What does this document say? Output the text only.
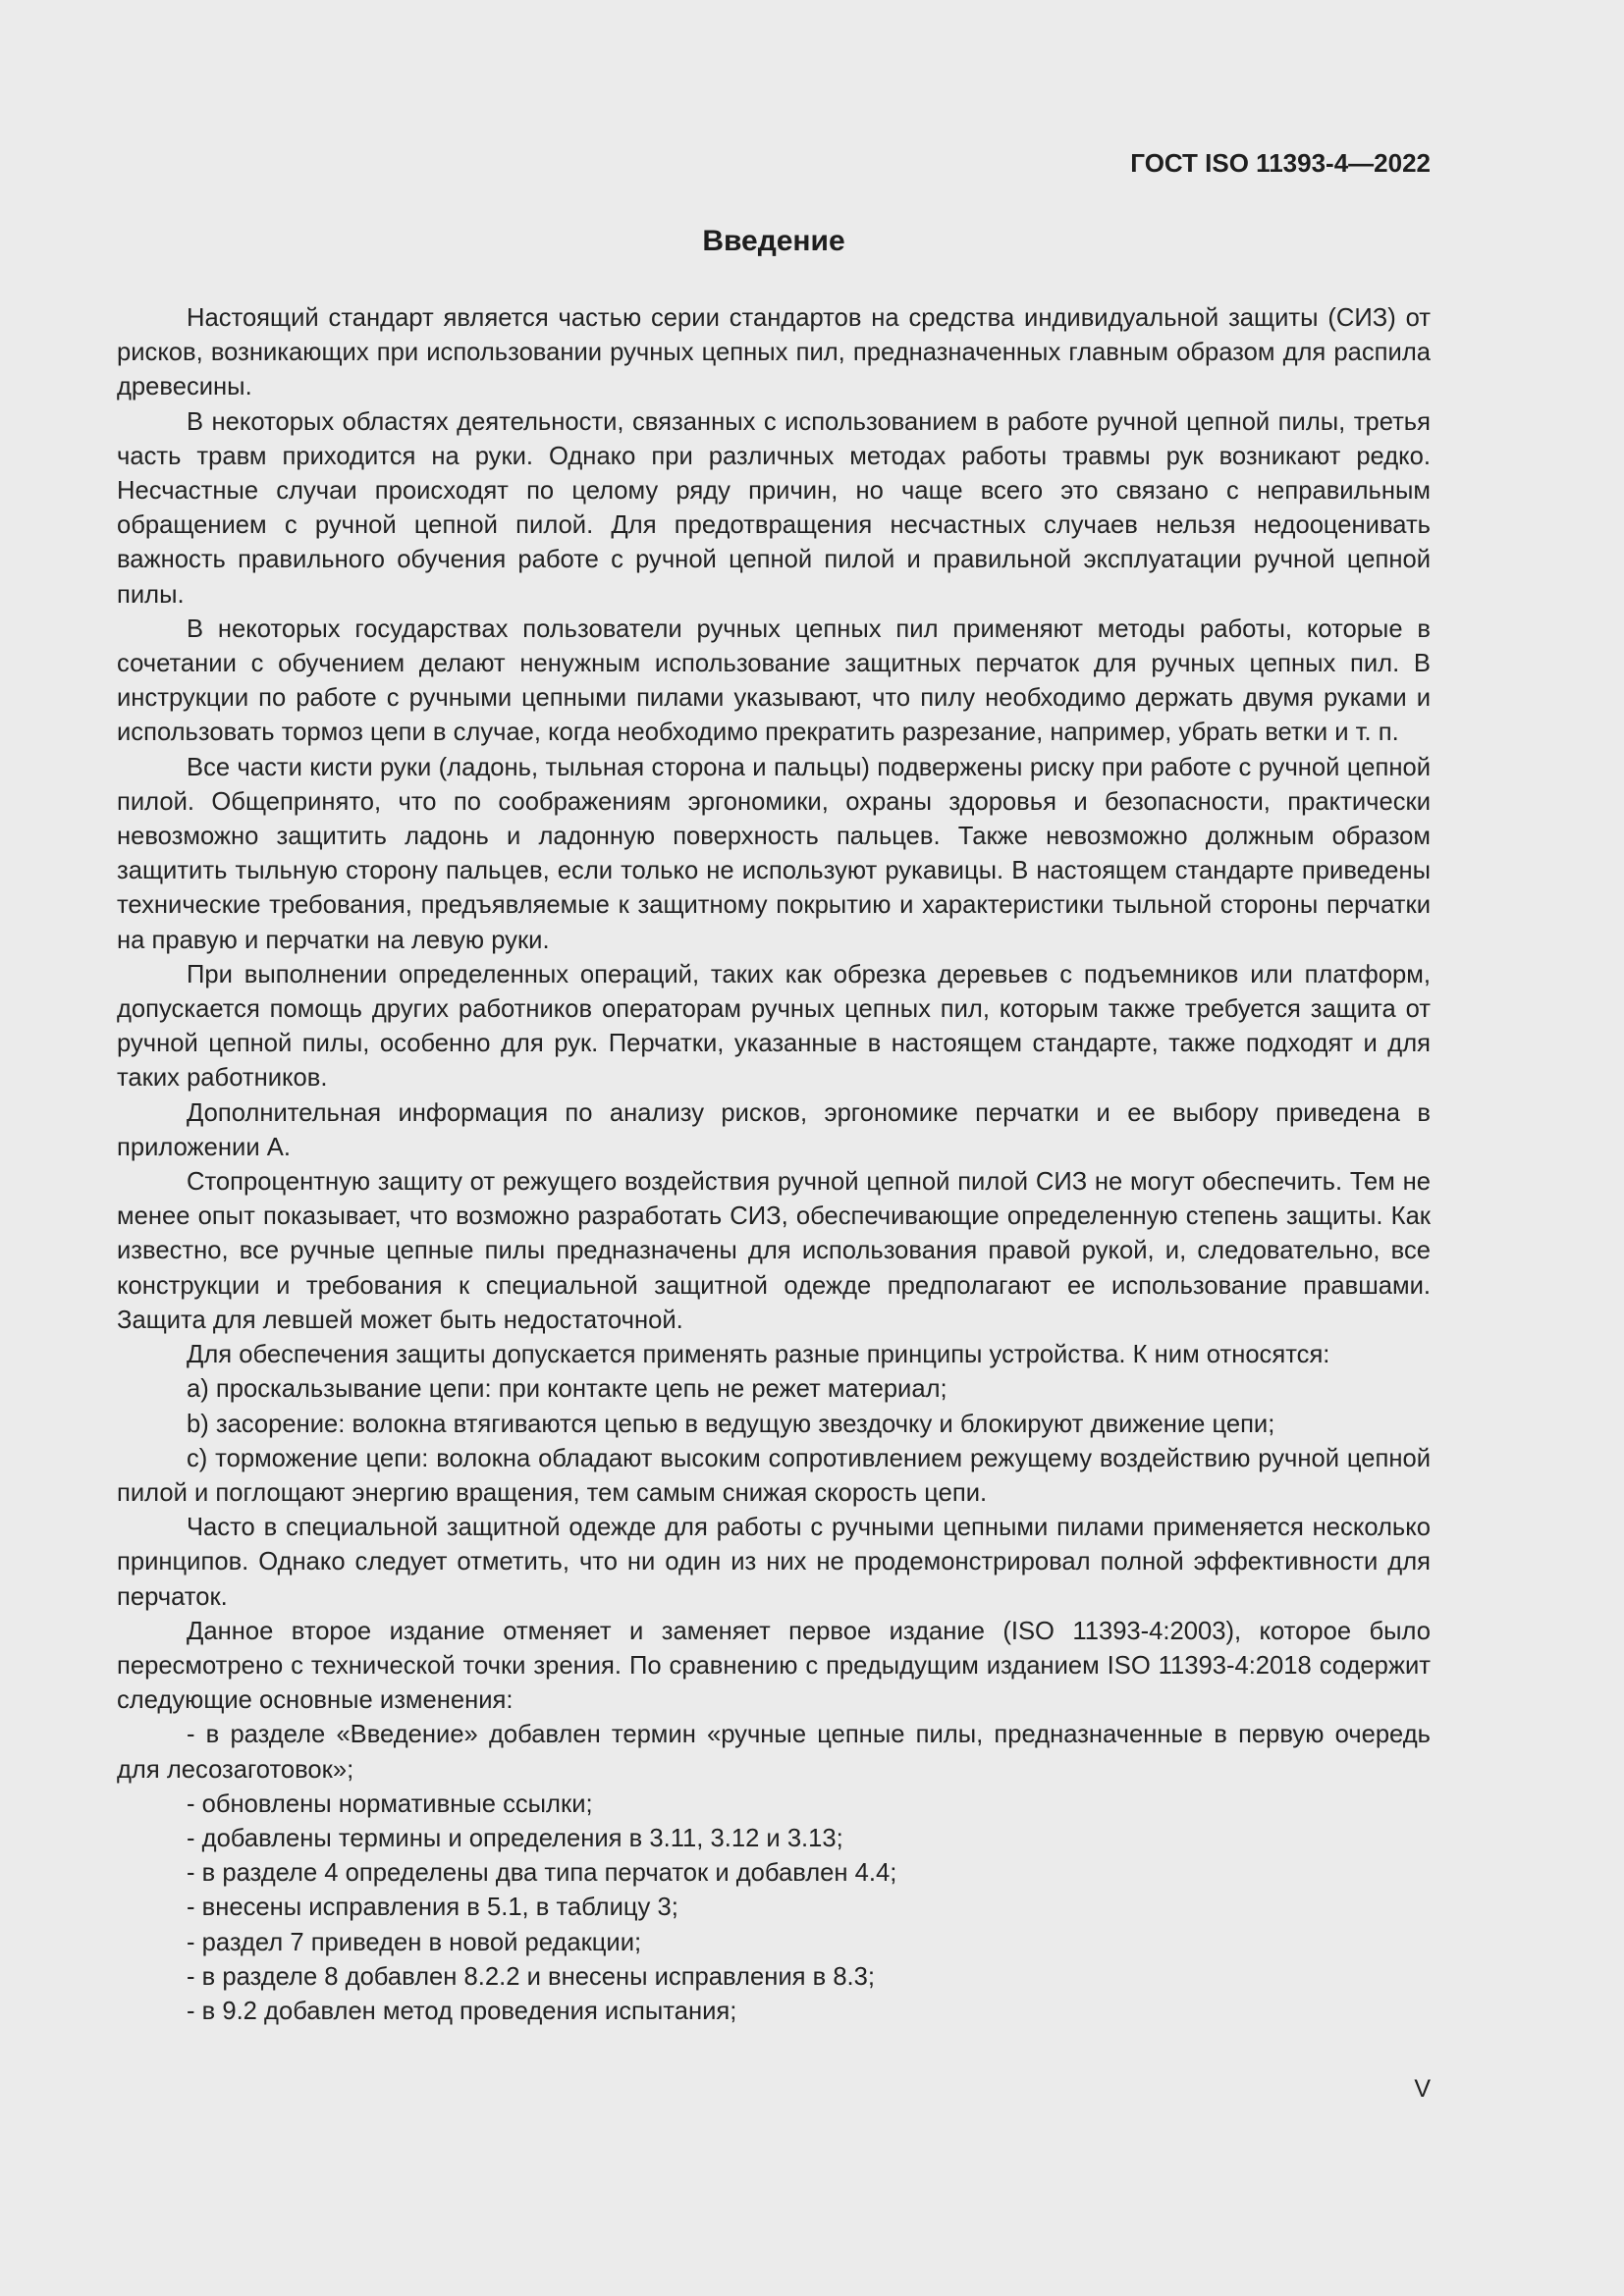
ГОСТ ISO 11393-4—2022
Введение

Настоящий стандарт является частью серии стандартов на средства индивидуальной защиты (СИЗ) от рисков, возникающих при использовании ручных цепных пил, предназначенных главным образом для распила древесины.

В некоторых областях деятельности, связанных с использованием в работе ручной цепной пилы, третья часть травм приходится на руки. Однако при различных методах работы травмы рук возникают редко. Несчастные случаи происходят по целому ряду причин, но чаще всего это связано с неправильным обращением с ручной цепной пилой. Для предотвращения несчастных случаев нельзя недооценивать важность правильного обучения работе с ручной цепной пилой и правильной эксплуатации ручной цепной пилы.

В некоторых государствах пользователи ручных цепных пил применяют методы работы, которые в сочетании с обучением делают ненужным использование защитных перчаток для ручных цепных пил. В инструкции по работе с ручными цепными пилами указывают, что пилу необходимо держать двумя руками и использовать тормоз цепи в случае, когда необходимо прекратить разрезание, например, убрать ветки и т. п.

Все части кисти руки (ладонь, тыльная сторона и пальцы) подвержены риску при работе с ручной цепной пилой. Общепринято, что по соображениям эргономики, охраны здоровья и безопасности, практически невозможно защитить ладонь и ладонную поверхность пальцев. Также невозможно должным образом защитить тыльную сторону пальцев, если только не используют рукавицы. В настоящем стандарте приведены технические требования, предъявляемые к защитному покрытию и характеристики тыльной стороны перчатки на правую и перчатки на левую руки.

При выполнении определенных операций, таких как обрезка деревьев с подъемников или платформ, допускается помощь других работников операторам ручных цепных пил, которым также требуется защита от ручной цепной пилы, особенно для рук. Перчатки, указанные в настоящем стандарте, также подходят и для таких работников.

Дополнительная информация по анализу рисков, эргономике перчатки и ее выбору приведена в приложении А.

Стопроцентную защиту от режущего воздействия ручной цепной пилой СИЗ не могут обеспечить. Тем не менее опыт показывает, что возможно разработать СИЗ, обеспечивающие определенную степень защиты. Как известно, все ручные цепные пилы предназначены для использования правой рукой, и, следовательно, все конструкции и требования к специальной защитной одежде предполагают ее использование правшами. Защита для левшей может быть недостаточной.

Для обеспечения защиты допускается применять разные принципы устройства. К ним относятся:

a) проскальзывание цепи: при контакте цепь не режет материал;

b) засорение: волокна втягиваются цепью в ведущую звездочку и блокируют движение цепи;

c) торможение цепи: волокна обладают высоким сопротивлением режущему воздействию ручной цепной пилой и поглощают энергию вращения, тем самым снижая скорость цепи.

Часто в специальной защитной одежде для работы с ручными цепными пилами применяется несколько принципов. Однако следует отметить, что ни один из них не продемонстрировал полной эффективности для перчаток.

Данное второе издание отменяет и заменяет первое издание (ISO 11393-4:2003), которое было пересмотрено с технической точки зрения. По сравнению с предыдущим изданием ISO 11393-4:2018 содержит следующие основные изменения:

- в разделе «Введение» добавлен термин «ручные цепные пилы, предназначенные в первую очередь для лесозаготовок»;

- обновлены нормативные ссылки;

- добавлены термины и определения в 3.11, 3.12 и 3.13;

- в разделе 4 определены два типа перчаток и добавлен 4.4;

- внесены исправления в 5.1, в таблицу 3;

- раздел 7 приведен в новой редакции;

- в разделе 8 добавлен 8.2.2 и внесены исправления в 8.3;

- в 9.2 добавлен метод проведения испытания;

V
